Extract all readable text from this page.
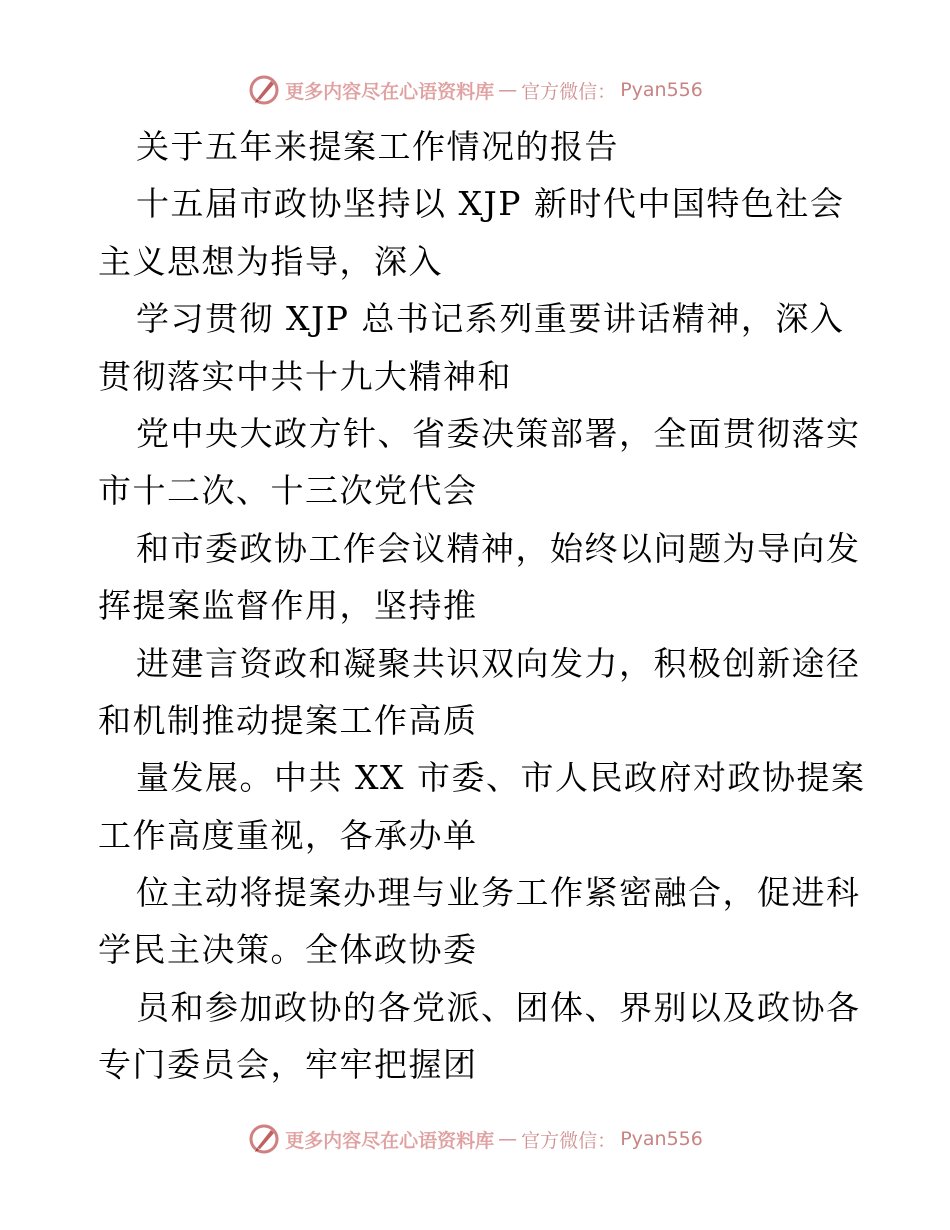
更多内容尽在心语资料库 — 官方微信： Pyan556
关于五年来提案工作情况的报告
十五届市政协坚持以 XJP 新时代中国特色社会
主义思想为指导，深入
学习贯彻 XJP 总书记系列重要讲话精神，深入
贯彻落实中共十九大精神和
党中央大政方针、省委决策部署，全面贯彻落实
市十二次、十三次党代会
和市委政协工作会议精神，始终以问题为导向发
挥提案监督作用，坚持推
进建言资政和凝聚共识双向发力，积极创新途径
和机制推动提案工作高质
量发展。中共 XX 市委、市人民政府对政协提案
工作高度重视，各承办单
位主动将提案办理与业务工作紧密融合，促进科
学民主决策。全体政协委
员和参加政协的各党派、团体、界别以及政协各
专门委员会，牢牢把握团
更多内容尽在心语资料库 — 官方微信： Pyan556
